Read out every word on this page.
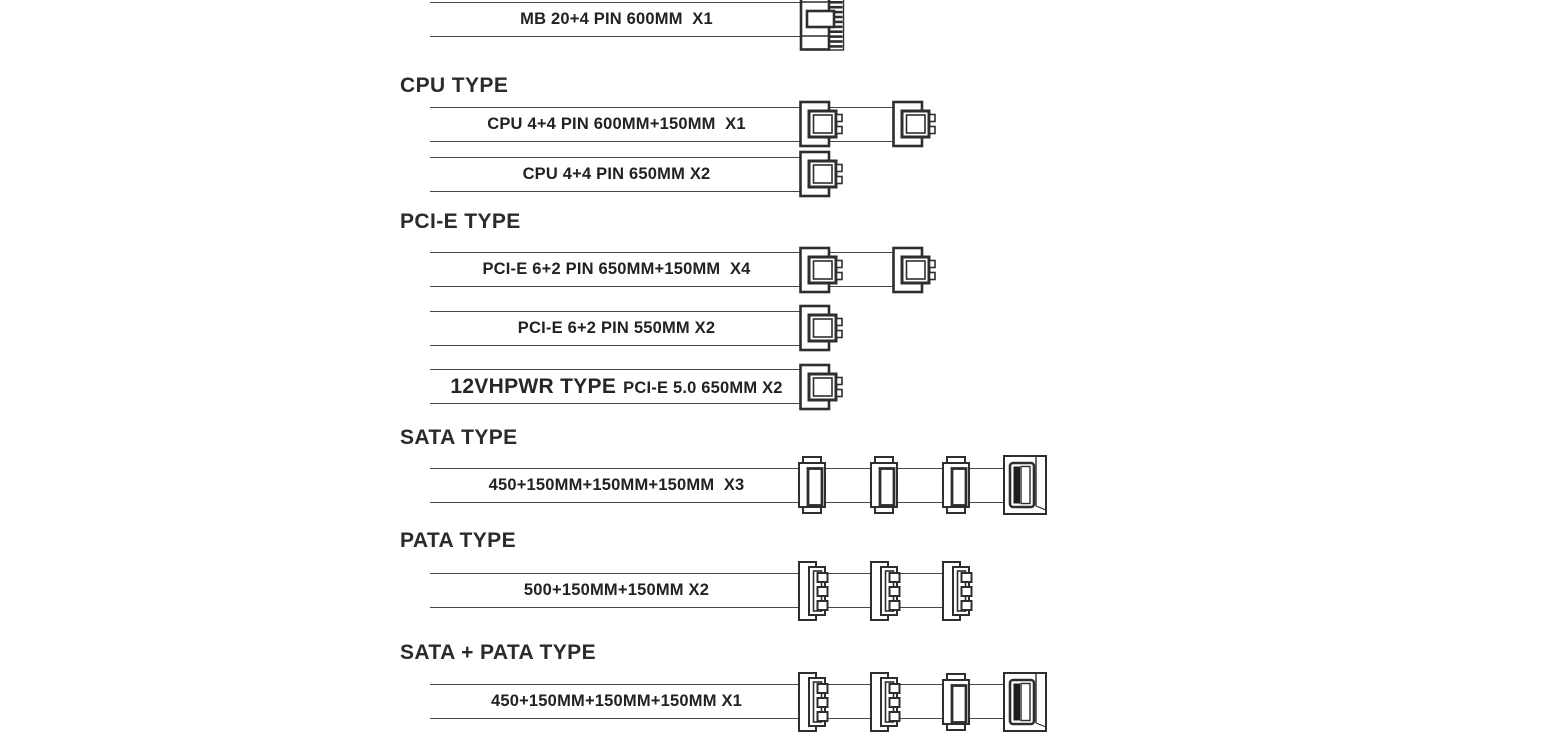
MB 20+4 PIN 600MM  X1
CPU TYPE
CPU 4+4 PIN 600MM+150MM  X1
CPU 4+4 PIN 650MM X2
PCI-E TYPE
PCI-E 6+2 PIN 650MM+150MM  X4
PCI-E 6+2 PIN 550MM X2
12VHPWR TYPE PCI-E 5.0 650MM X2
SATA TYPE
450+150MM+150MM+150MM  X3
PATA TYPE
500+150MM+150MM X2
SATA + PATA TYPE
450+150MM+150MM+150MM X1
